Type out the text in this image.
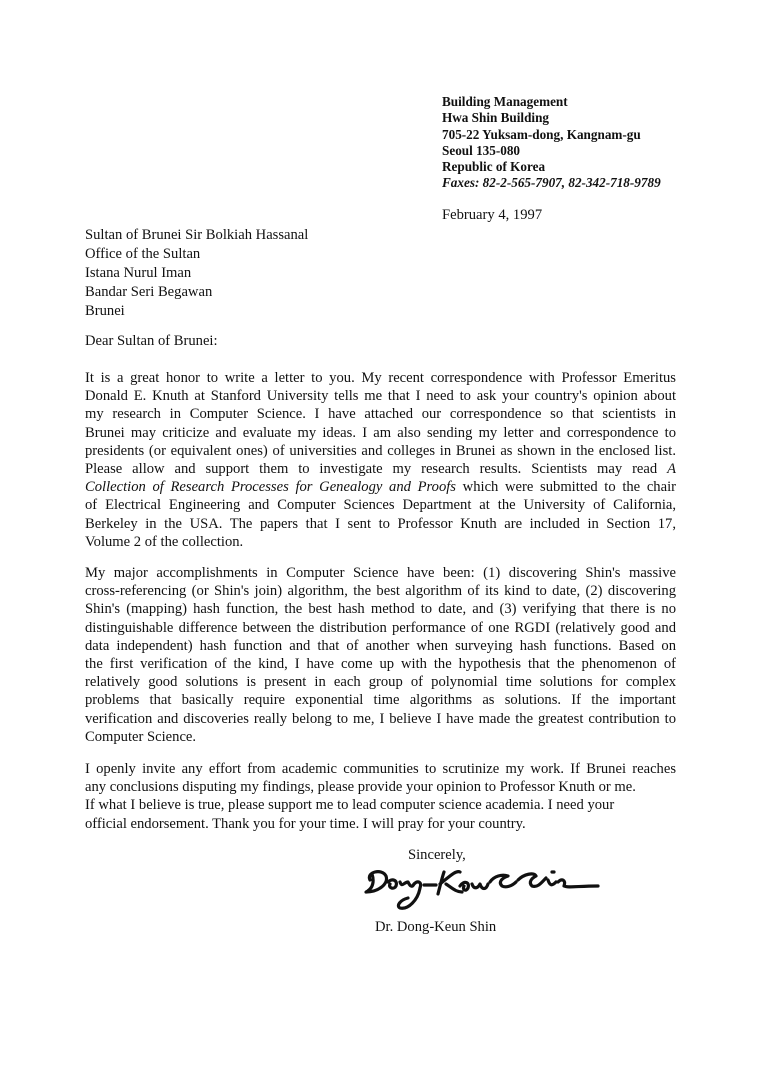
Building Management
Hwa Shin Building
705-22 Yuksam-dong, Kangnam-gu
Seoul 135-080
Republic of Korea
Faxes: 82-2-565-7907, 82-342-718-9789
February 4, 1997
Sultan of Brunei Sir Bolkiah Hassanal
Office of the Sultan
Istana Nurul Iman
Bandar Seri Begawan
Brunei
Dear Sultan of Brunei:
It is a great honor to write a letter to you. My recent correspondence with Professor Emeritus
Donald E. Knuth at Stanford University tells me that I need to ask your country's opinion about
my research in Computer Science. I have attached our correspondence so that scientists in
Brunei may criticize and evaluate my ideas. I am also sending my letter and correspondence to
presidents (or equivalent ones) of universities and colleges in Brunei as shown in the enclosed list.
Please allow and support them to investigate my research results. Scientists may read A
Collection of Research Processes for Genealogy and Proofs which were submitted to the chair
of Electrical Engineering and Computer Sciences Department at the University of California,
Berkeley in the USA. The papers that I sent to Professor Knuth are included in Section 17,
Volume 2 of the collection.
My major accomplishments in Computer Science have been: (1) discovering Shin's massive
cross-referencing (or Shin's join) algorithm, the best algorithm of its kind to date, (2) discovering
Shin's (mapping) hash function, the best hash method to date, and (3) verifying that there is no
distinguishable difference between the distribution performance of one RGDI (relatively good and
data independent) hash function and that of another when surveying hash functions. Based on
the first verification of the kind, I have come up with the hypothesis that the phenomenon of
relatively good solutions is present in each group of polynomial time solutions for complex
problems that basically require exponential time algorithms as solutions. If the important
verification and discoveries really belong to me, I believe I have made the greatest contribution to
Computer Science.
I openly invite any effort from academic communities to scrutinize my work. If Brunei reaches
any conclusions disputing my findings, please provide your opinion to Professor Knuth or me.
If what I believe is true, please support me to lead computer science academia. I need your
official endorsement. Thank you for your time. I will pray for your country.
Sincerely,
Dr. Dong-Keun Shin
